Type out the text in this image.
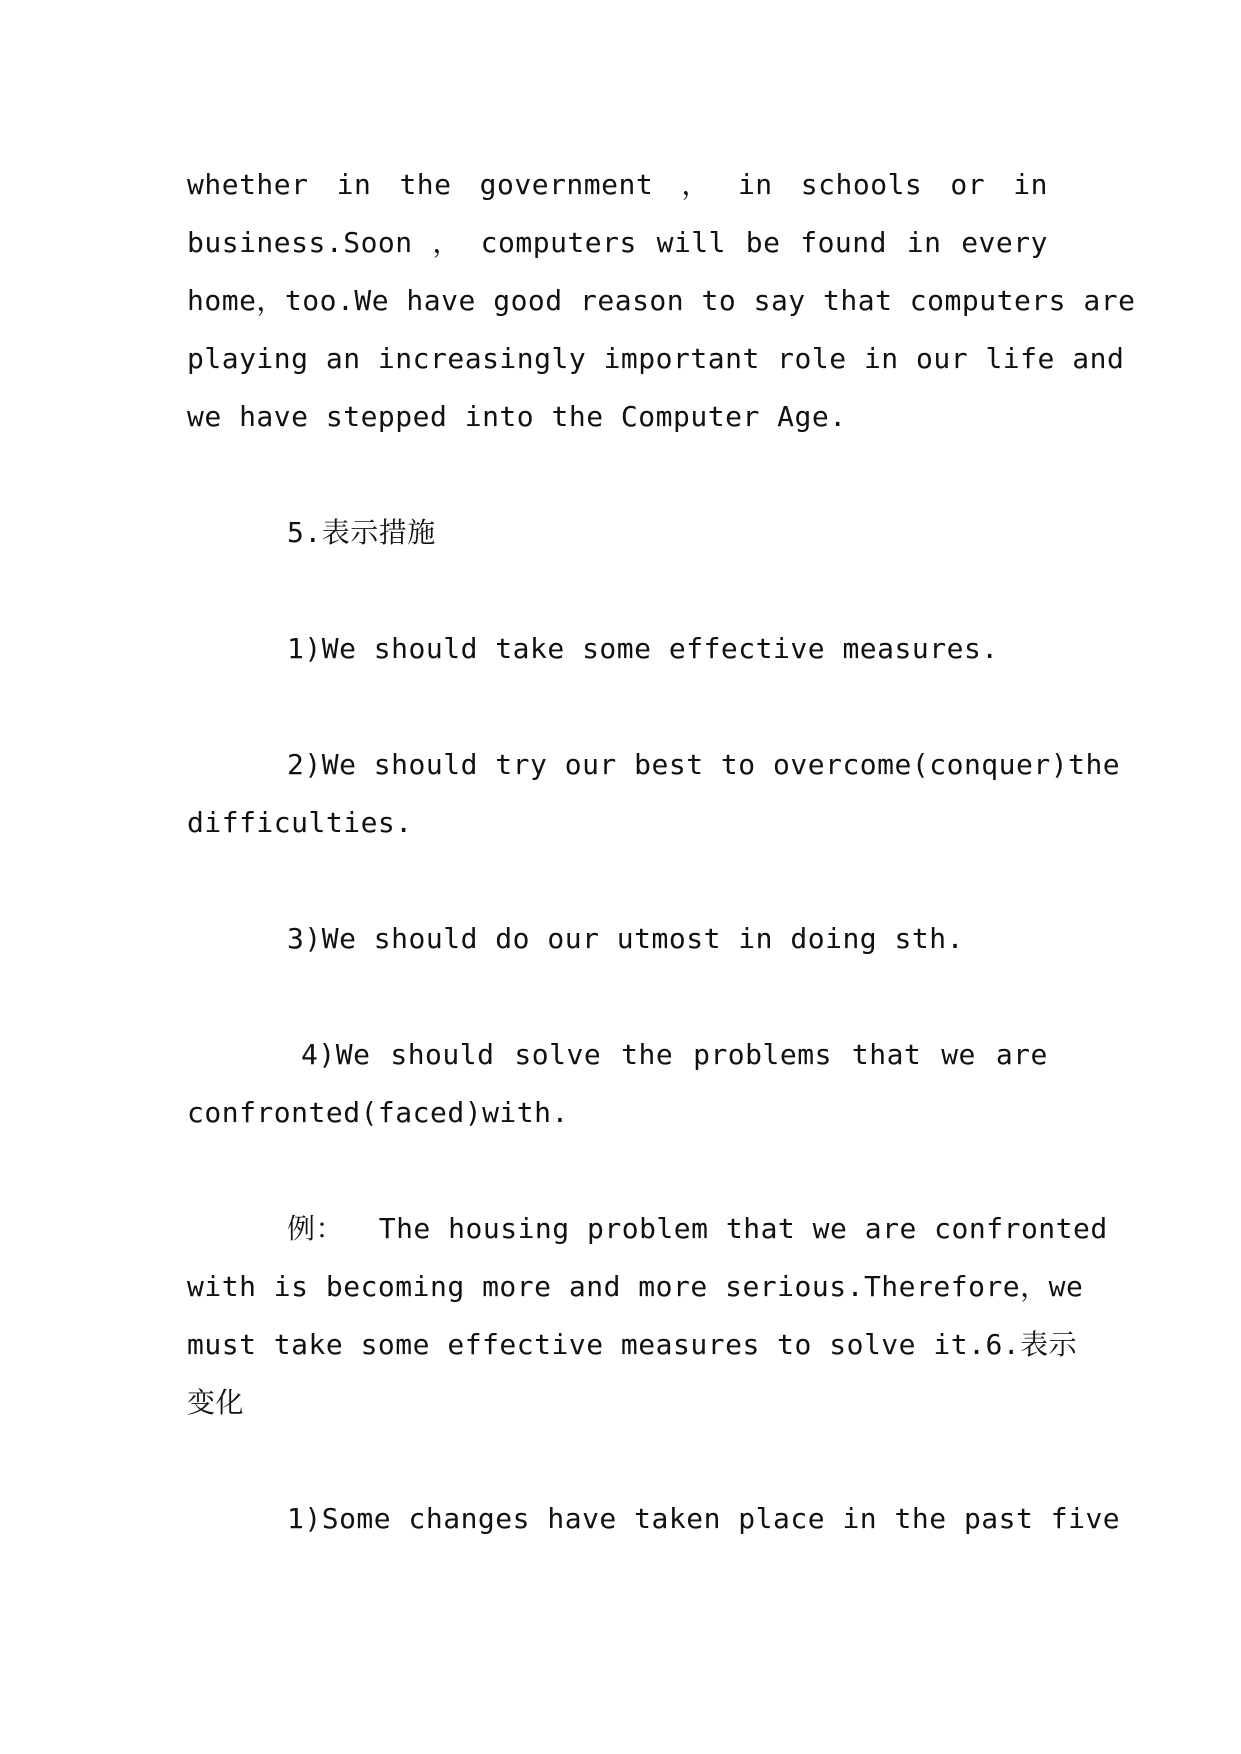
whether in the government ， in schools or in
business.Soon ， computers will be found in every
home，too.We have good reason to say that computers are
playing an increasingly important role in our life and
we have stepped into the Computer Age.
5.表示措施
1)We should take some effective measures.
2)We should try our best to overcome(conquer)the
difficulties.
3)We should do our utmost in doing sth.
4)We should solve the problems that we are
confronted(faced)with.
例：  The housing problem that we are confronted
with is becoming more and more serious.Therefore，we
must take some effective measures to solve it.6.表示
变化
1)Some changes have taken place in the past five
